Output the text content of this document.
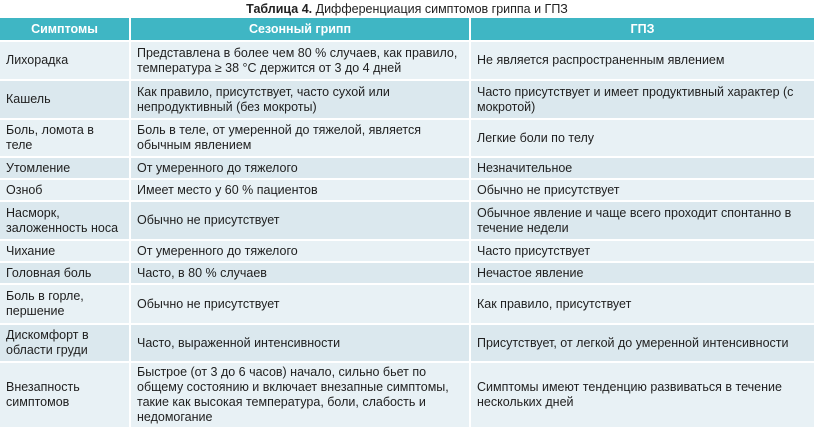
Таблица 4. Дифференциация симптомов гриппа и ГПЗ
Симптомы	Сезонный грипп	ГПЗ
Лихорадка	Представлена в более чем 80 % случаев, как правило, температура ≥ 38 °C держится от 3 до 4 дней	Не является распространенным явлением
Кашель	Как правило, присутствует, часто сухой или непродуктивный (без мокроты)	Часто присутствует и имеет продуктивный характер (с мокротой)
Боль, ломота в теле	Боль в теле, от умеренной до тяжелой, является обычным явлением	Легкие боли по телу
Утомление	От умеренного до тяжелого	Незначительное
Озноб	Имеет место у 60 % пациентов	Обычно не присутствует
Насморк, заложенность носа	Обычно не присутствует	Обычное явление и чаще всего проходит спонтанно в течение недели
Чихание	От умеренного до тяжелого	Часто присутствует
Головная боль	Часто, в 80 % случаев	Нечастое явление
Боль в горле, першение	Обычно не присутствует	Как правило, присутствует
Дискомфорт в области груди	Часто, выраженной интенсивности	Присутствует, от легкой до умеренной интенсивности
Внезапность симптомов	Быстрое (от 3 до 6 часов) начало, сильно бьет по общему состоянию и включает внезапные симптомы, такие как высокая температура, боли, слабость и недомогание	Симптомы имеют тенденцию развиваться в течение нескольких дней
